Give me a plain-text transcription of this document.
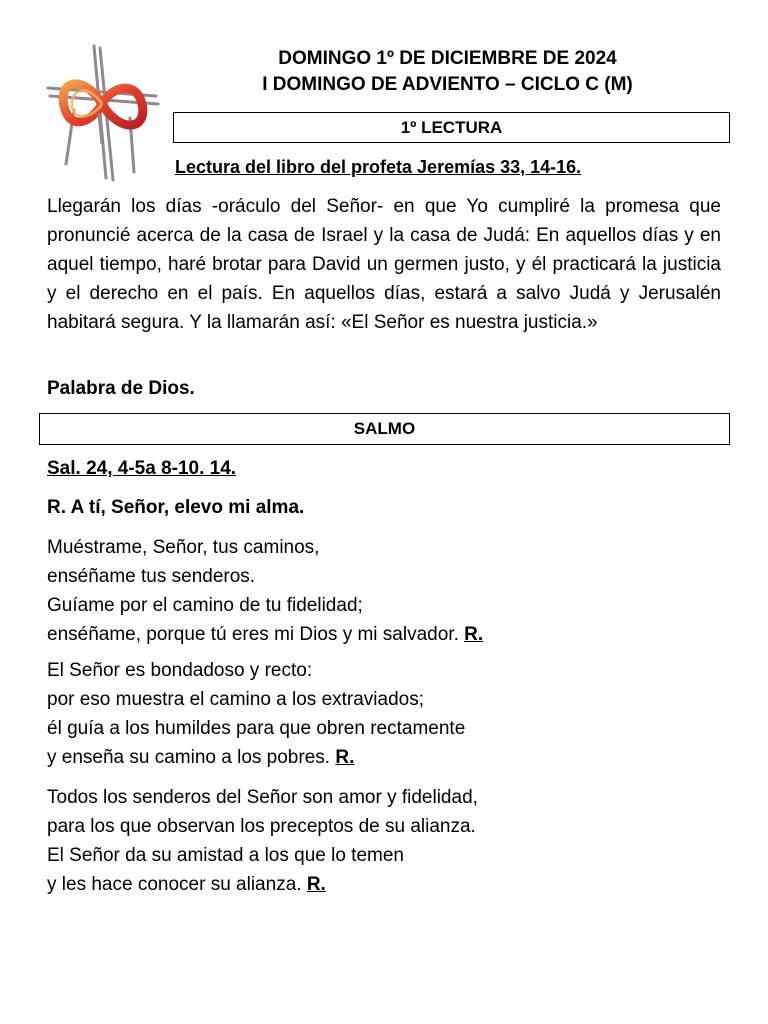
DOMINGO 1º DE DICIEMBRE DE 2024
I DOMINGO DE ADVIENTO – CICLO C (M)
1º LECTURA
Lectura del libro del profeta Jeremías 33, 14-16.

Llegarán los días -oráculo del Señor- en que Yo cumpliré la promesa que pronuncié acerca de la casa de Israel y la casa de Judá: En aquellos días y en aquel tiempo, haré brotar para David un germen justo, y él practicará la justicia y el derecho en el país. En aquellos días, estará a salvo Judá y Jerusalén habitará segura. Y la llamarán así: «El Señor es nuestra justicia.»

Palabra de Dios.
SALMO
Sal. 24, 4-5a 8-10. 14.
R. A tí, Señor, elevo mi alma.
Muéstrame, Señor, tus caminos,
enséñame tus senderos.
Guíame por el camino de tu fidelidad;
enséñame, porque tú eres mi Dios y mi salvador. R.
El Señor es bondadoso y recto:
por eso muestra el camino a los extraviados;
él guía a los humildes para que obren rectamente
y enseña su camino a los pobres. R.
Todos los senderos del Señor son amor y fidelidad,
para los que observan los preceptos de su alianza.
El Señor da su amistad a los que lo temen
y les hace conocer su alianza. R.
